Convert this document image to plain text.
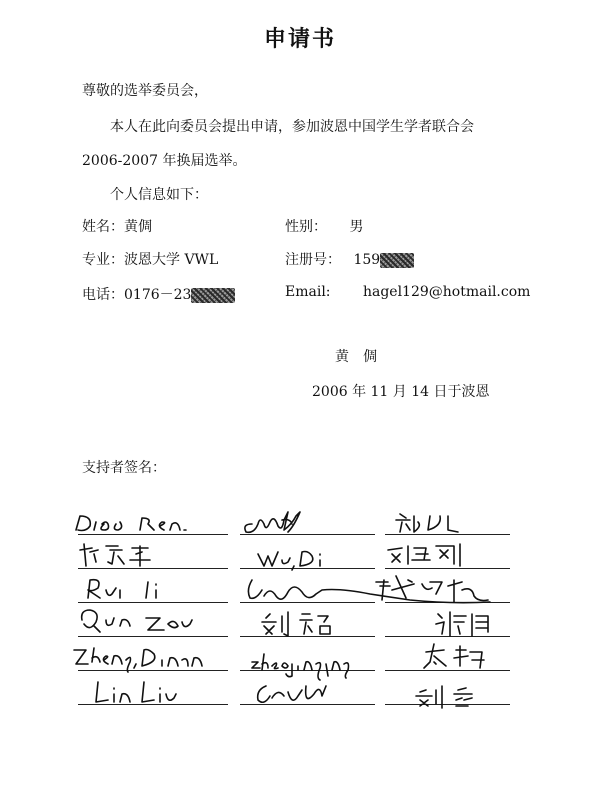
申请书
尊敬的选举委员会，
本人在此向委员会提出申请，参加波恩中国学生学者联合会
2006-2007 年换届选举。
个人信息如下：
姓名：黄倜	性别： 男
专业：波恩大学 VWL	注册号： 159
电话：0176－23	Email: hagel129@hotmail.com
黄　倜
2006 年 11 月 14 日于波恩
支持者签名：
